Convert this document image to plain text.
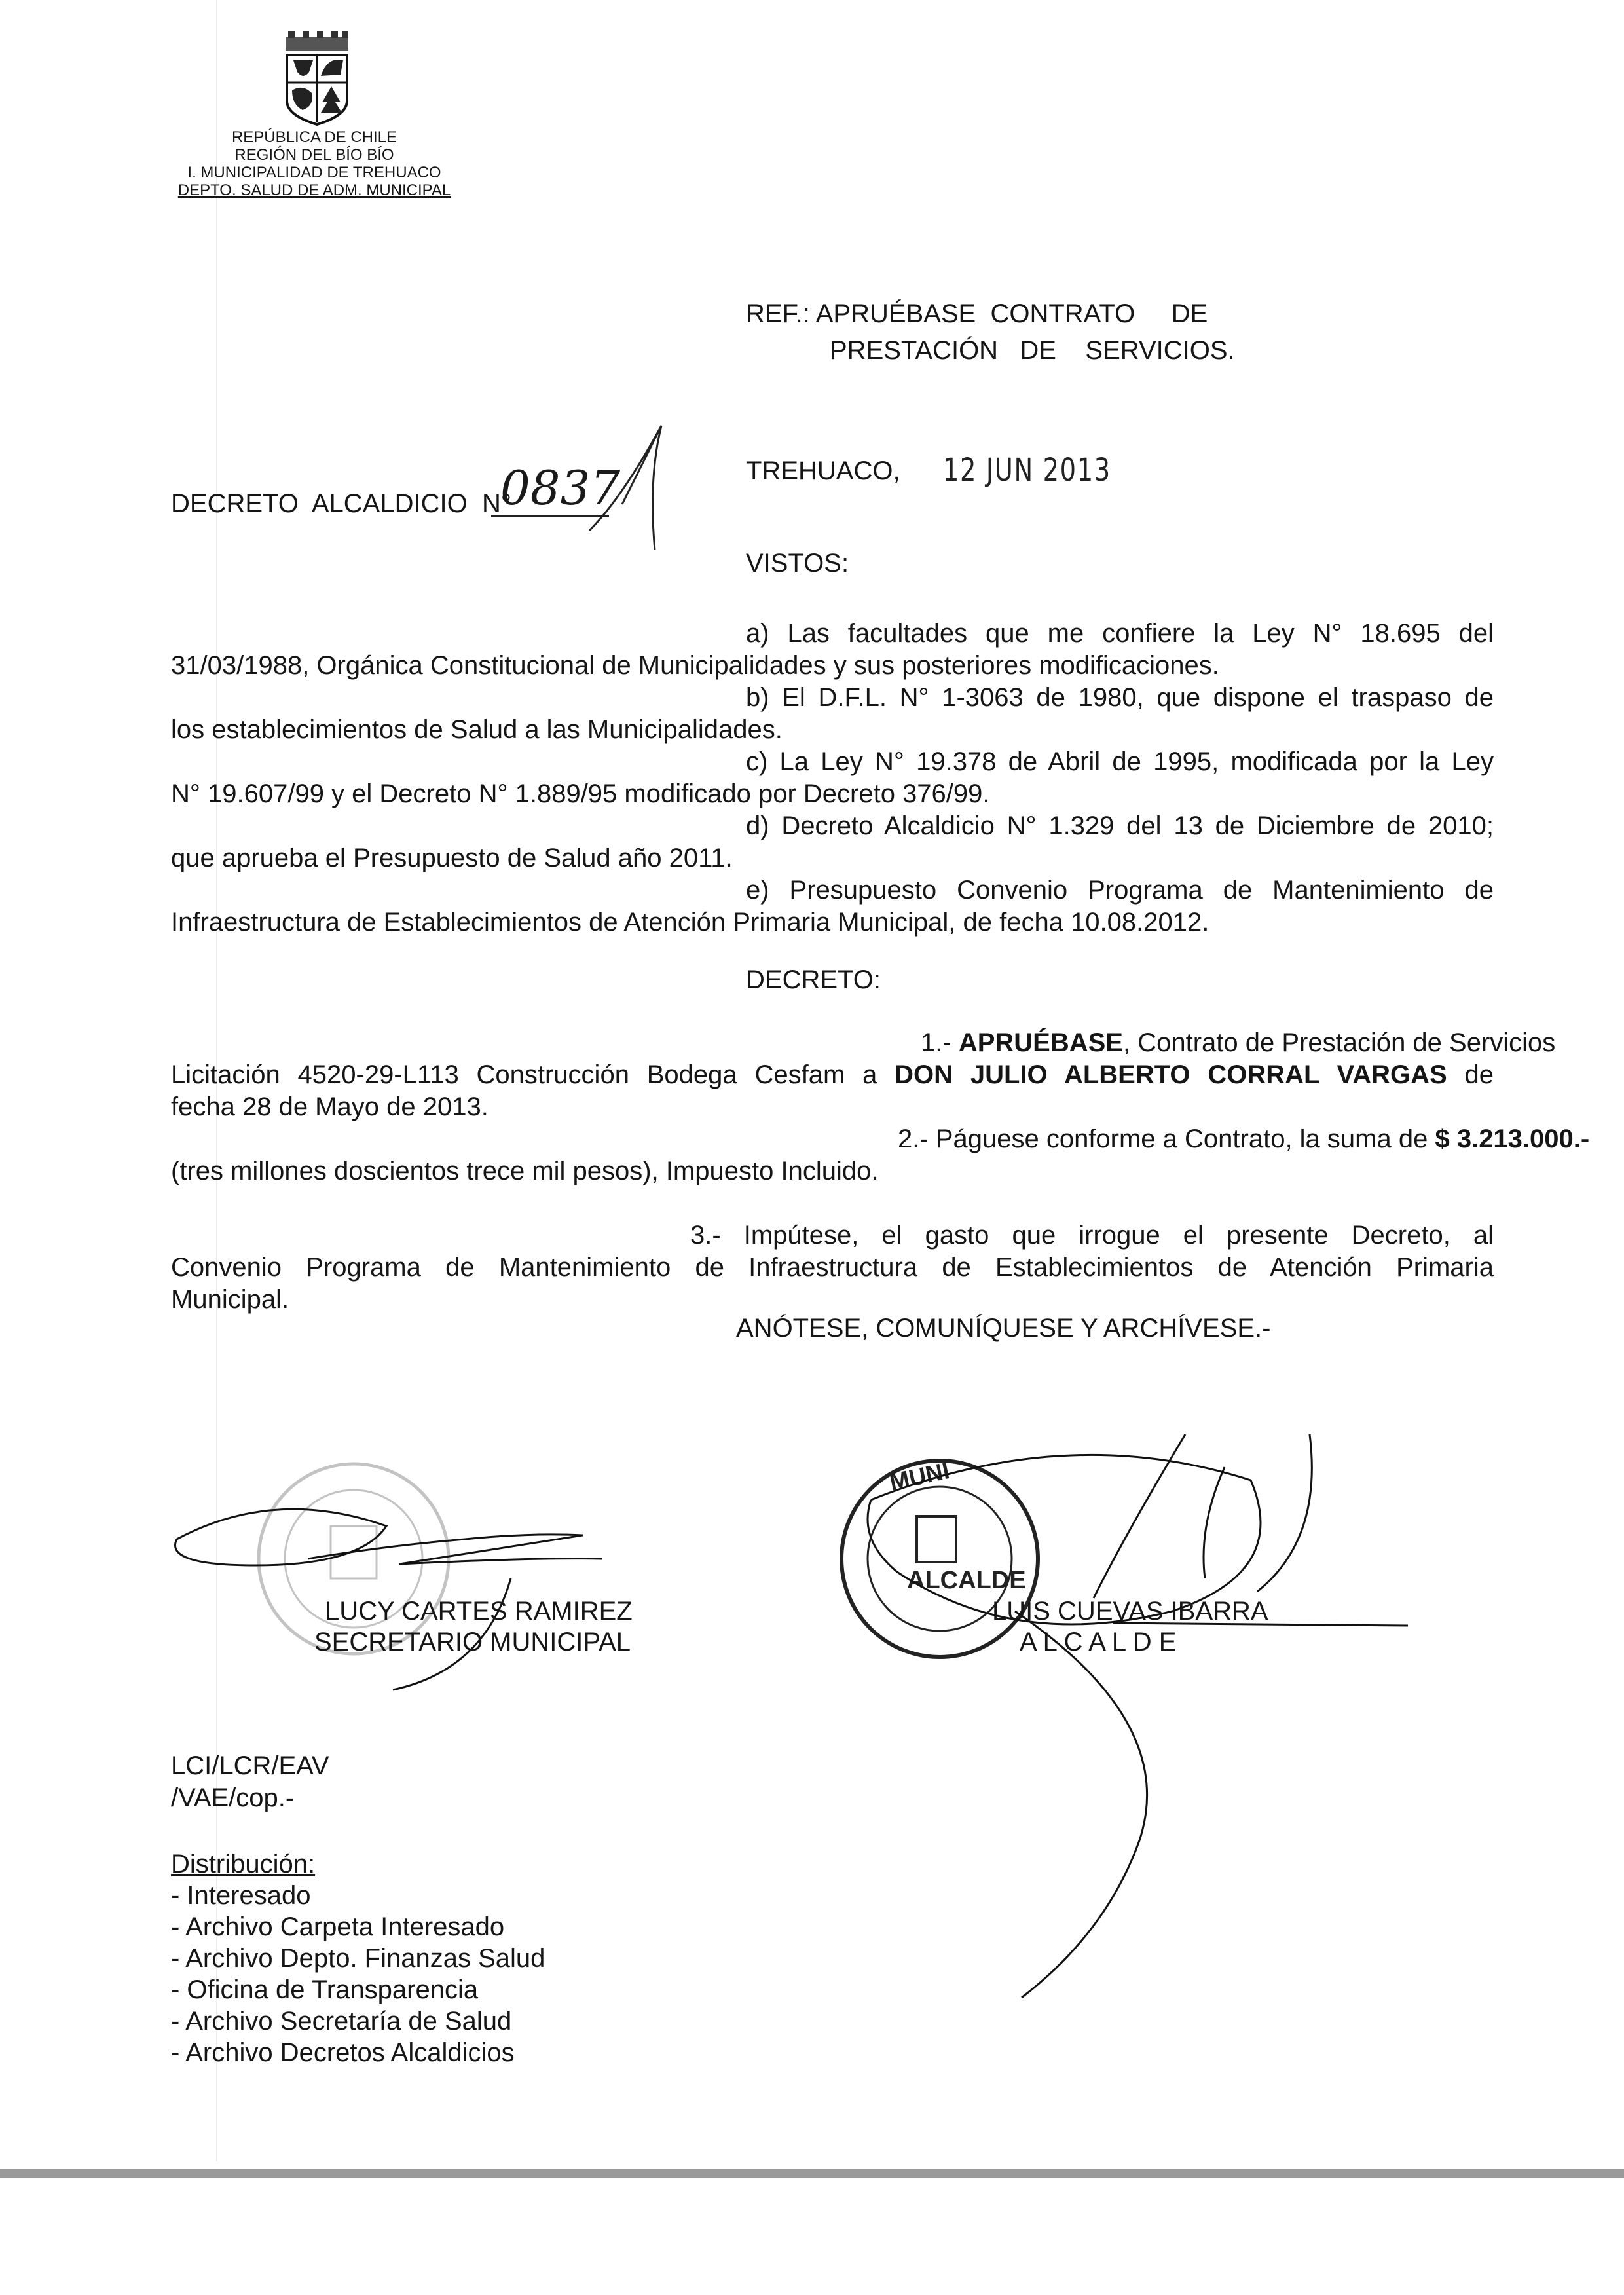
REPÚBLICA DE CHILE
REGIÓN DEL BÍO BÍO
I. MUNICIPALIDAD DE TREHUACO
DEPTO. SALUD DE ADM. MUNICIPAL
REF.: APRUÉBASE  CONTRATO     DE
PRESTACIÓN   DE    SERVICIOS.
DECRETO  ALCALDICIO  N°
0837	TREHUACO, 12 JUN 2013
VISTOS:
a) Las facultades que me confiere la Ley N° 18.695 del
31/03/1988, Orgánica Constitucional de Municipalidades y sus posteriores modificaciones.
b) El D.F.L. N° 1-3063 de 1980, que dispone el traspaso de
los establecimientos de Salud a las Municipalidades.
c) La Ley N° 19.378 de Abril de 1995, modificada por la Ley
N° 19.607/99 y el Decreto N° 1.889/95 modificado por Decreto 376/99.
d) Decreto Alcaldicio N° 1.329 del 13 de Diciembre de 2010;
que aprueba el Presupuesto de Salud año 2011.
e) Presupuesto Convenio Programa de Mantenimiento de
Infraestructura de Establecimientos de Atención Primaria Municipal, de fecha 10.08.2012.
DECRETO:
1.- APRUÉBASE, Contrato de Prestación de Servicios
Licitación 4520-29-L113 Construcción Bodega Cesfam a DON JULIO ALBERTO CORRAL VARGAS de
fecha 28 de Mayo de 2013.
2.- Páguese conforme a Contrato, la suma de $ 3.213.000.-
(tres millones doscientos trece mil pesos), Impuesto Incluido.
3.- Impútese, el gasto que irrogue el presente Decreto, al
Convenio Programa de Mantenimiento de Infraestructura de Establecimientos de Atención Primaria
Municipal.
ANÓTESE, COMUNÍQUESE Y ARCHÍVESE.-
ALCALDE
MUNI
LUCY CARTES RAMIREZ
SECRETARIO MUNICIPAL
LUIS CUEVAS IBARRA
A L C A L D E
LCI/LCR/EAV
/VAE/cop.-
Distribución:
- Interesado
- Archivo Carpeta Interesado
- Archivo Depto. Finanzas Salud
- Oficina de Transparencia
- Archivo Secretaría de Salud
- Archivo Decretos Alcaldicios
